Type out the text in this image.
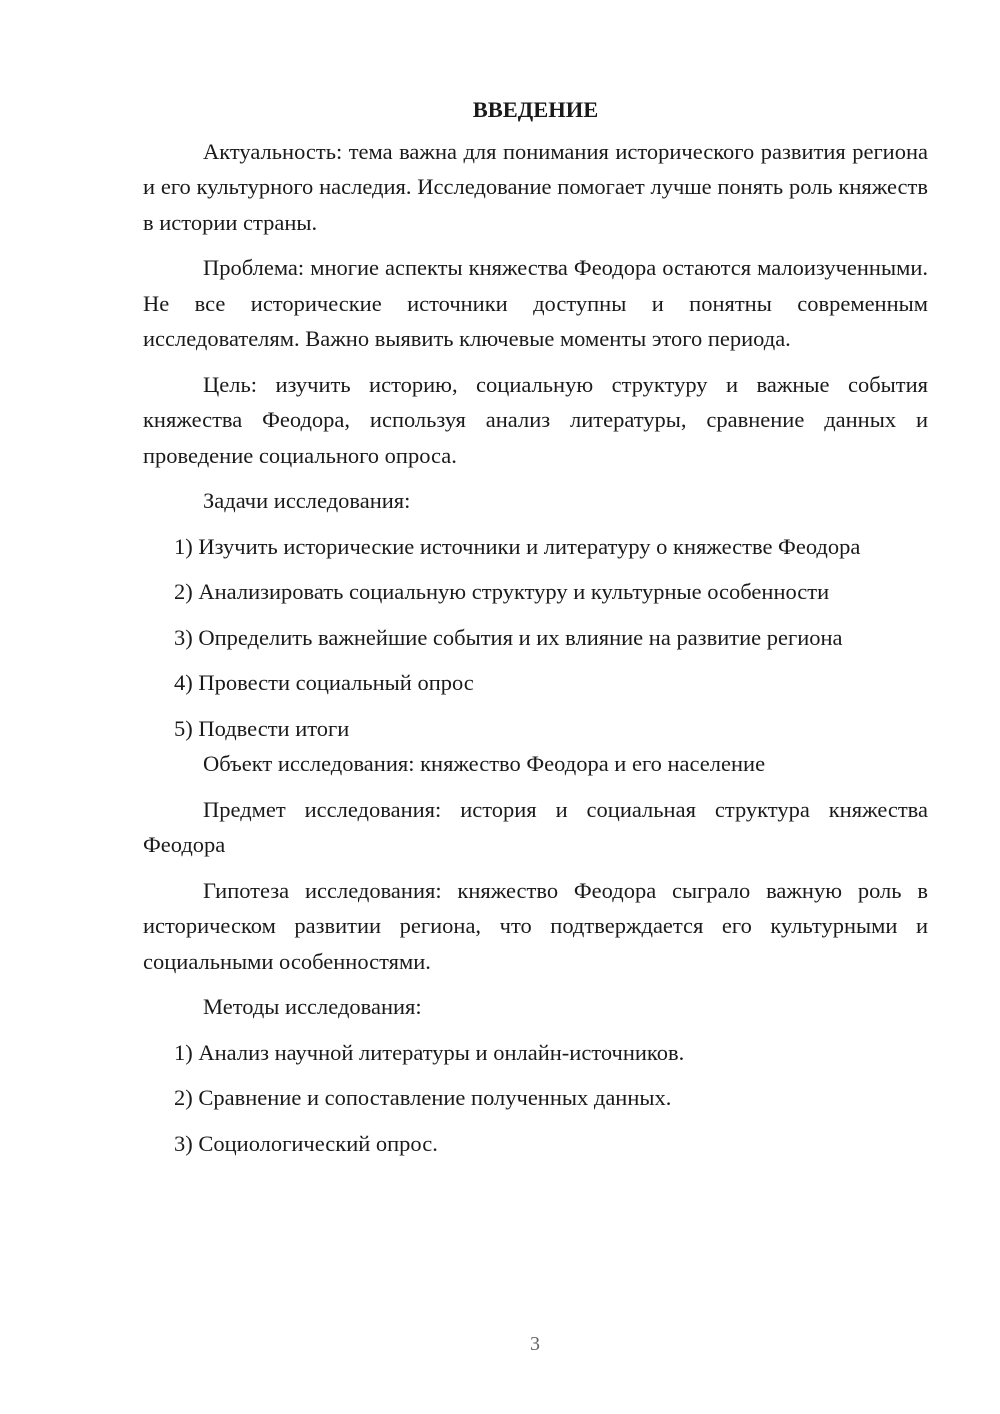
ВВЕДЕНИЕ
Актуальность: тема важна для понимания исторического развития региона и его культурного наследия. Исследование помогает лучше понять роль княжеств в истории страны.
Проблема: многие аспекты княжества Феодора остаются малоизученными. Не все исторические источники доступны и понятны современным исследователям. Важно выявить ключевые моменты этого периода.
Цель: изучить историю, социальную структуру и важные события княжества Феодора, используя анализ литературы, сравнение данных и проведение социального опроса.
Задачи исследования:
1) Изучить исторические источники и литературу о княжестве Феодора
2) Анализировать социальную структуру и культурные особенности
3) Определить важнейшие события и их влияние на развитие региона
4) Провести социальный опрос
5) Подвести итоги
Объект исследования: княжество Феодора и его население
Предмет исследования: история и социальная структура княжества Феодора
Гипотеза исследования: княжество Феодора сыграло важную роль в историческом развитии региона, что подтверждается его культурными и социальными особенностями.
Методы исследования:
1) Анализ научной литературы и онлайн-источников.
2) Сравнение и сопоставление полученных данных.
3) Социологический опрос.
3
